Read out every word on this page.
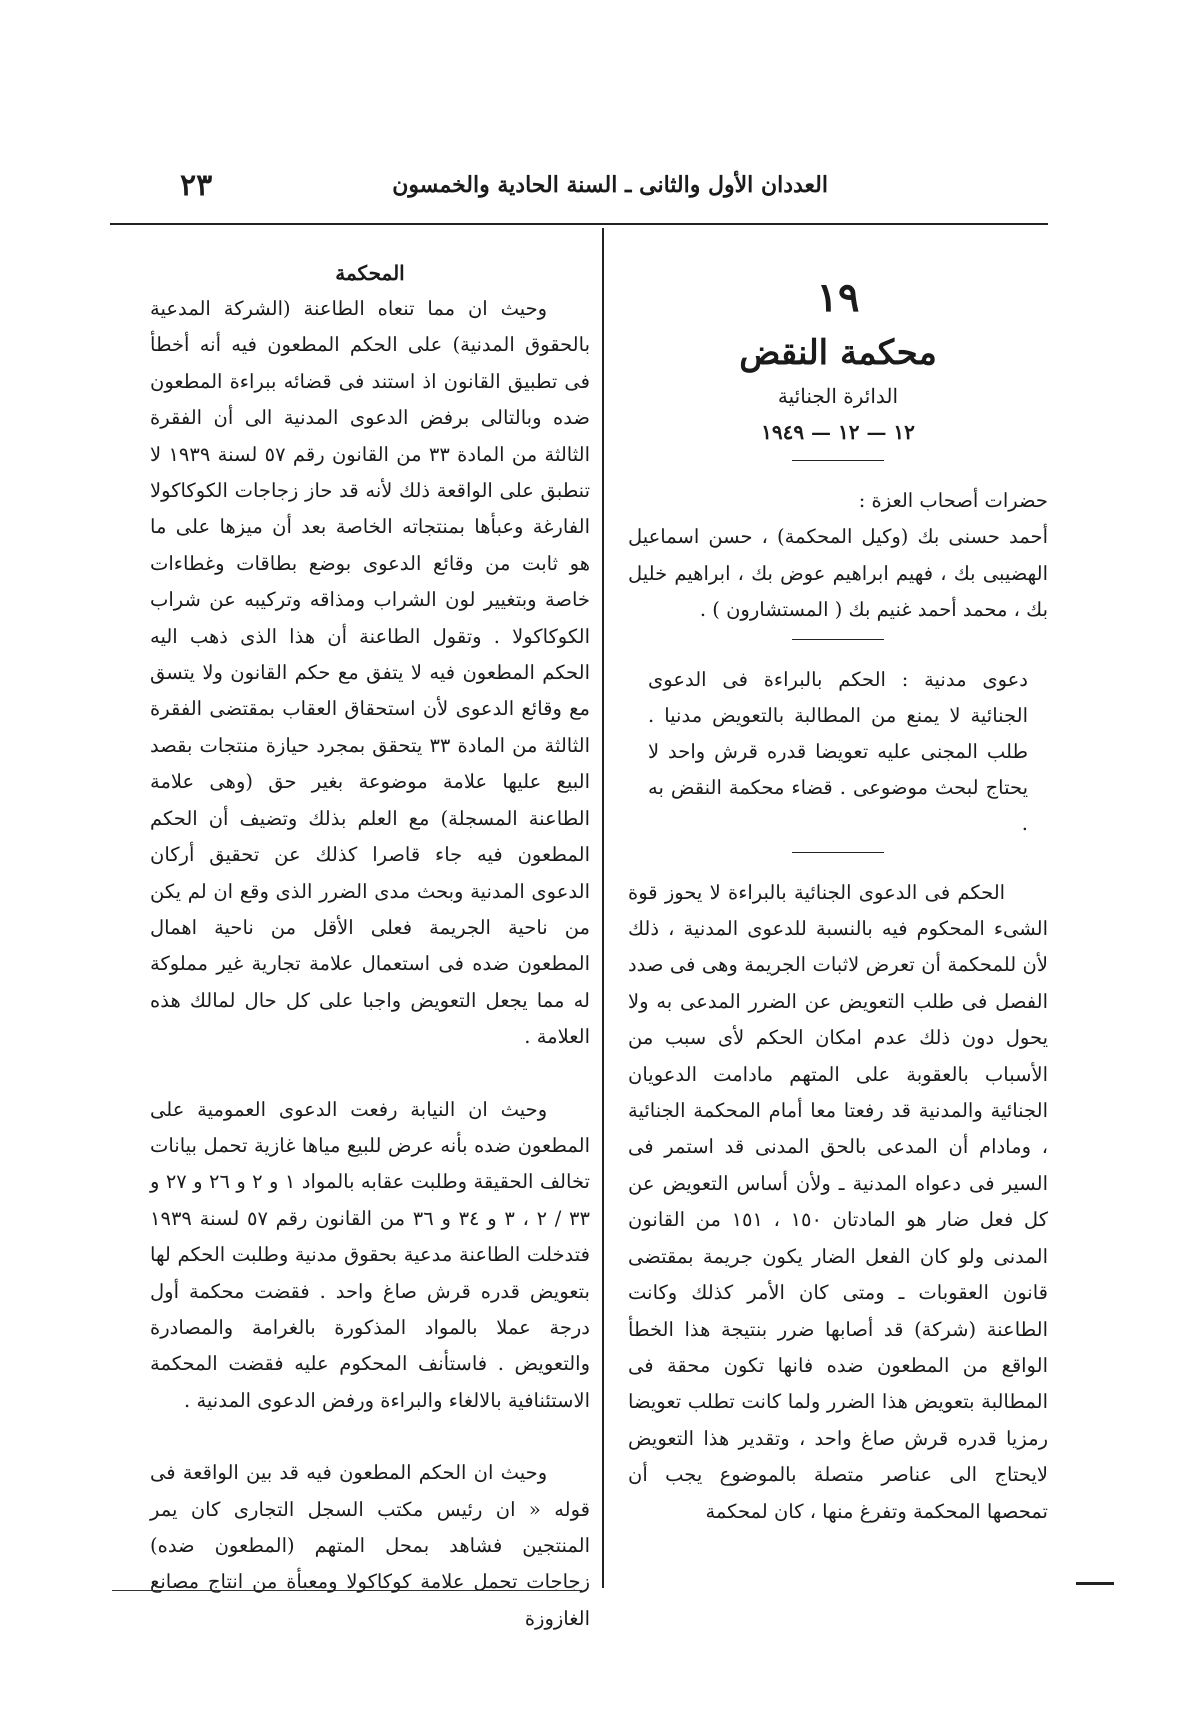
العددان الأول والثانى ـ السنة الحادية والخمسون
٢٣

المحكمة

وحيث ان مما تنعاه الطاعنة (الشركة المدعية بالحقوق المدنية) على الحكم المطعون فيه أنه أخطأ فى تطبيق القانون اذ استند فى قضائه ببراءة المطعون ضده وبالتالى برفض الدعوى المدنية الى أن الفقرة الثالثة من المادة ٣٣ من القانون رقم ٥٧ لسنة ١٩٣٩ لا تنطبق على الواقعة ذلك لأنه قد حاز زجاجات الكوكاكولا الفارغة وعبأها بمنتجاته الخاصة بعد أن ميزها على ما هو ثابت من وقائع الدعوى بوضع بطاقات وغطاءات خاصة وبتغيير لون الشراب ومذاقه وتركيبه عن شراب الكوكاكولا . وتقول الطاعنة أن هذا الذى ذهب اليه الحكم المطعون فيه لا يتفق مع حكم القانون ولا يتسق مع وقائع الدعوى لأن استحقاق العقاب بمقتضى الفقرة الثالثة من المادة ٣٣ يتحقق بمجرد حيازة منتجات بقصد البيع عليها علامة موضوعة بغير حق (وهى علامة الطاعنة المسجلة) مع العلم بذلك وتضيف أن الحكم المطعون فيه جاء قاصرا كذلك عن تحقيق أركان الدعوى المدنية وبحث مدى الضرر الذى وقع ان لم يكن من ناحية الجريمة فعلى الأقل من ناحية اهمال المطعون ضده فى استعمال علامة تجارية غير مملوكة له مما يجعل التعويض واجبا على كل حال لمالك هذه العلامة .

وحيث ان النيابة رفعت الدعوى العمومية على المطعون ضده بأنه عرض للبيع مياها غازية تحمل بيانات تخالف الحقيقة وطلبت عقابه بالمواد ١ و ٢ و ٢٦ و ٢٧ و ٣٣ / ٢ ، ٣ و ٣٤ و ٣٦ من القانون رقم ٥٧ لسنة ١٩٣٩ فتدخلت الطاعنة مدعية بحقوق مدنية وطلبت الحكم لها بتعويض قدره قرش صاغ واحد . فقضت محكمة أول درجة عملا بالمواد المذكورة بالغرامة والمصادرة والتعويض . فاستأنف المحكوم عليه فقضت المحكمة الاستئنافية بالالغاء والبراءة ورفض الدعوى المدنية .

وحيث ان الحكم المطعون فيه قد بين الواقعة فى قوله « ان رئيس مكتب السجل التجارى كان يمر المنتجين فشاهد بمحل المتهم (المطعون ضده) زجاجات تحمل علامة كوكاكولا ومعبأة من انتاج مصانع الغازوزة

١٩

محكمة النقض

الدائرة الجنائية

١٢ — ١٢ — ١٩٤٩

حضرات أصحاب العزة :

أحمد حسنى بك (وكيل المحكمة) ، حسن اسماعيل الهضيبى بك ، فهيم ابراهيم عوض بك ، ابراهيم خليل بك ، محمد أحمد غنيم بك ( المستشارون ) .

دعوى مدنية : الحكم بالبراءة فى الدعوى الجنائية لا يمنع من المطالبة بالتعويض مدنيا . طلب المجنى عليه تعويضا قدره قرش واحد لا يحتاج لبحث موضوعى . قضاء محكمة النقض به .

الحكم فى الدعوى الجنائية بالبراءة لا يحوز قوة الشىء المحكوم فيه بالنسبة للدعوى المدنية ، ذلك لأن للمحكمة أن تعرض لاثبات الجريمة وهى فى صدد الفصل فى طلب التعويض عن الضرر المدعى به ولا يحول دون ذلك عدم امكان الحكم لأى سبب من الأسباب بالعقوبة على المتهم مادامت الدعويان الجنائية والمدنية قد رفعتا معا أمام المحكمة الجنائية ، ومادام أن المدعى بالحق المدنى قد استمر فى السير فى دعواه المدنية ـ ولأن أساس التعويض عن كل فعل ضار هو المادتان ١٥٠ ، ١٥١ من القانون المدنى ولو كان الفعل الضار يكون جريمة بمقتضى قانون العقوبات ـ ومتى كان الأمر كذلك وكانت الطاعنة (شركة) قد أصابها ضرر بنتيجة هذا الخطأ الواقع من المطعون ضده فانها تكون محقة فى المطالبة بتعويض هذا الضرر ولما كانت تطلب تعويضا رمزيا قدره قرش صاغ واحد ، وتقدير هذا التعويض لايحتاج الى عناصر متصلة بالموضوع يجب أن تمحصها المحكمة وتفرغ منها ، كان لمحكمة
